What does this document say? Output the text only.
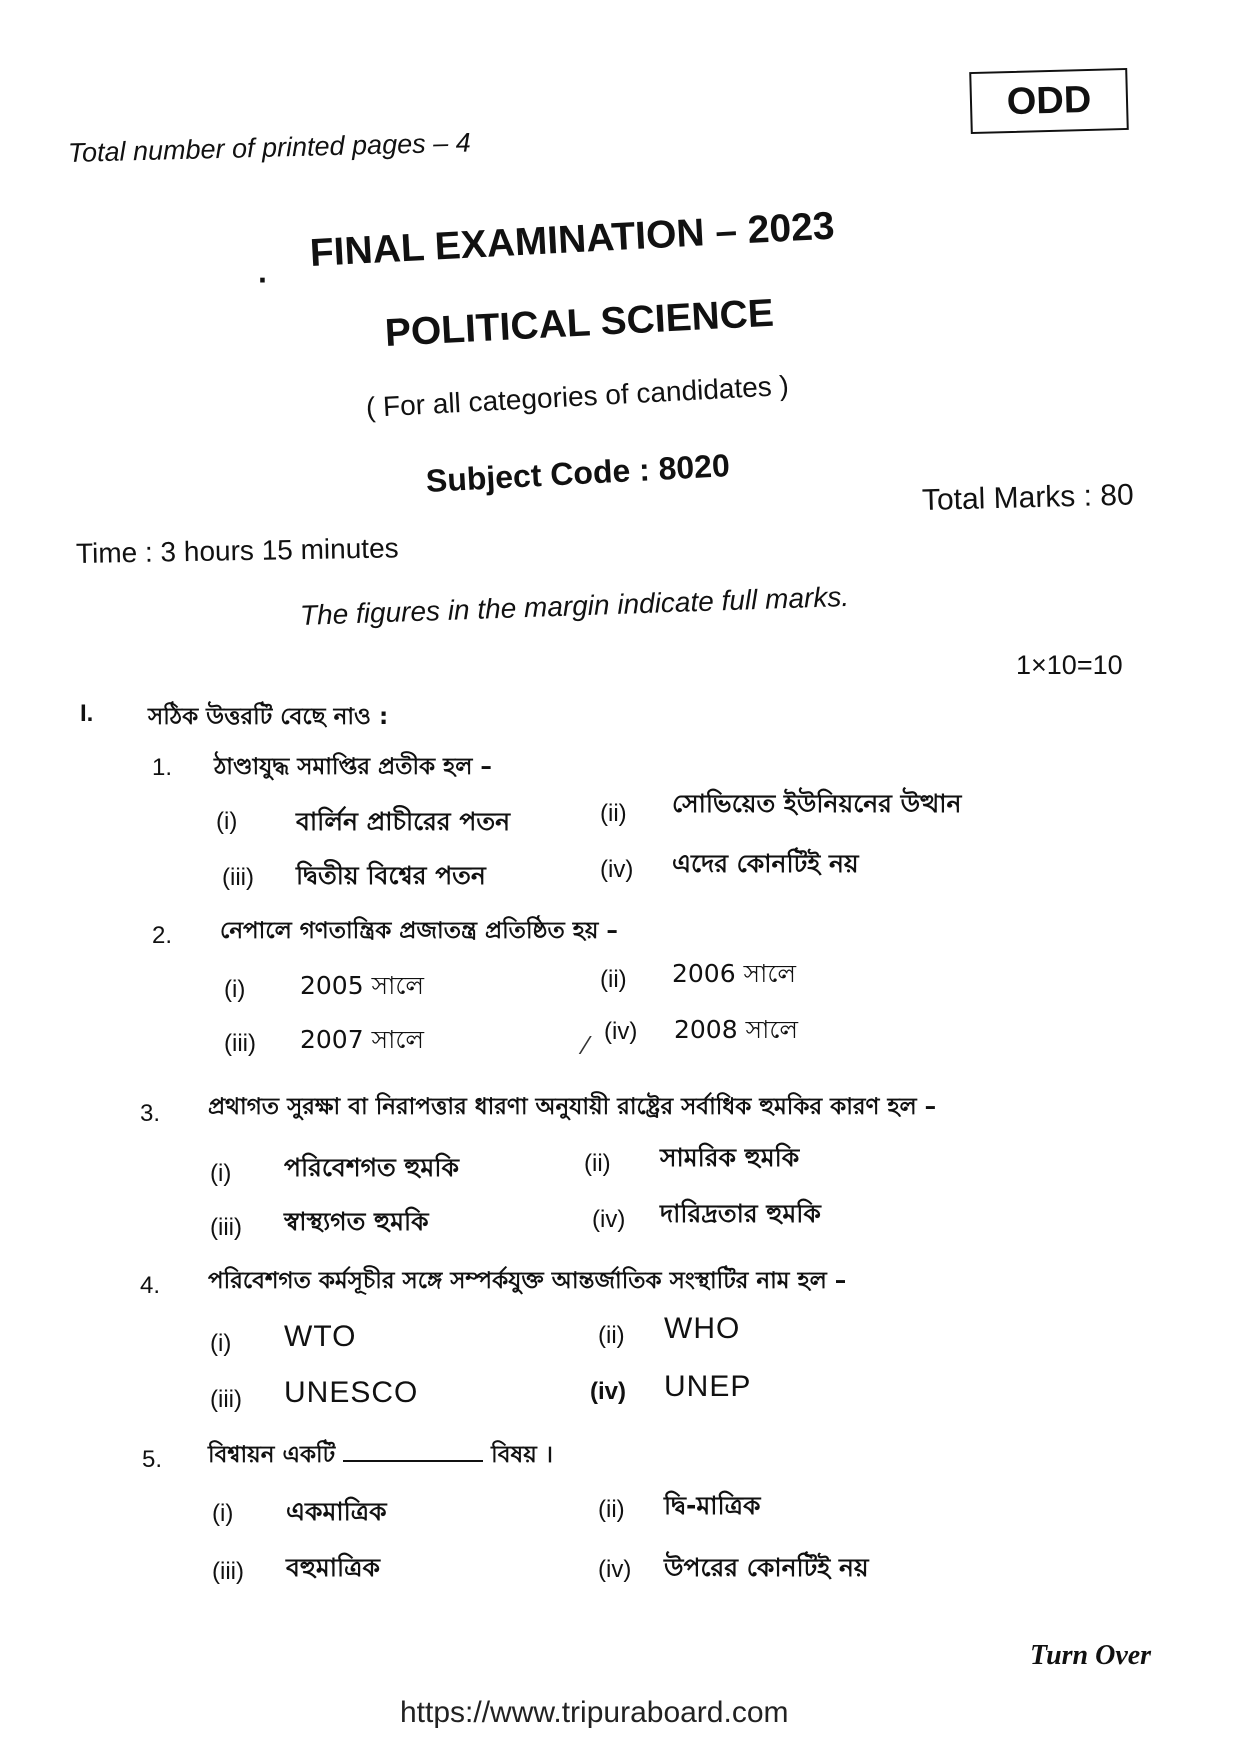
ODD
Total number of printed pages – 4
·
FINAL EXAMINATION – 2023
POLITICAL SCIENCE
( For all categories of candidates )
Subject Code : 8020	Total Marks : 80
Time : 3 hours 15 minutes
The figures in the margin indicate full marks.
1×10=10
I. সঠিক উত্তরটি বেছে নাও :
1. ঠাণ্ডাযুদ্ধ সমাপ্তির প্রতীক হল –
(i) বার্লিন প্রাচীরের পতন	(ii) সোভিয়েত ইউনিয়নের উত্থান
(iii) দ্বিতীয় বিশ্বের পতন	(iv) এদের কোনটিই নয়
2. নেপালে গণতান্ত্রিক প্রজাতন্ত্র প্রতিষ্ঠিত হয় –
(i) 2005 সালে	(ii) 2006 সালে
(iii) 2007 সালে	(iv) 2008 সালে
⁄
3. প্রথাগত সুরক্ষা বা নিরাপত্তার ধারণা অনুযায়ী রাষ্ট্রের সর্বাধিক হুমকির কারণ হল –
(i) পরিবেশগত হুমকি	(ii) সামরিক হুমকি
(iii) স্বাস্থ্যগত হুমকি	(iv) দারিদ্রতার হুমকি
4. পরিবেশগত কর্মসূচীর সঙ্গে সম্পর্কযুক্ত আন্তর্জাতিক সংস্থাটির নাম হল –
(i) WTO	(ii) WHO
(iii) UNESCO	(iv) UNEP
5. বিশ্বায়ন একটি	বিষয় ।
(i) একমাত্রিক	(ii) দ্বি-মাত্রিক
(iii) বহুমাত্রিক	(iv) উপরের কোনটিই নয়
Turn Over
https://www.tripuraboard.com
